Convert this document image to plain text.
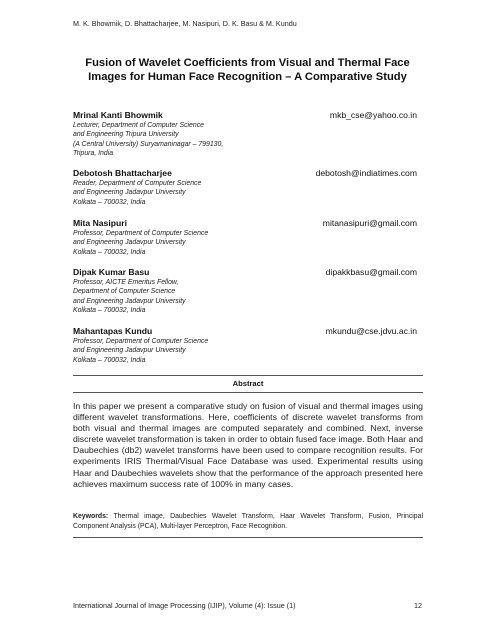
M. K. Bhowmik, D. Bhattacharjee, M. Nasipuri, D. K. Basu & M. Kundu
Fusion of Wavelet Coefficients from Visual and Thermal Face
Images for Human Face Recognition – A Comparative Study
Mrinal Kanti Bhowmik	mkb_cse@yahoo.co.in
Lecturer, Department of Computer Science
and Engineering Tripura University
(A Central University) Suryamaninagar – 799130,
Tripura, India
Debotosh Bhattacharjee	debotosh@indiatimes.com
Reader, Department of Computer Science
and Engineering Jadavpur University
Kolkata – 700032, India
Mita Nasipuri	mitanasipuri@gmail.com
Professor, Department of Computer Science
and Engineering Jadavpur University
Kolkata – 700032, India
Dipak Kumar Basu	dipakkbasu@gmail.com
Professor, AICTE Emeritus Fellow,
Department of Computer Science
and Engineering Jadavpur University
Kolkata – 700032, India
Mahantapas Kundu	mkundu@cse.jdvu.ac.in
Professor, Department of Computer Science
and Engineering Jadavpur University
Kolkata – 700032, India
Abstract
In this paper we present a comparative study on fusion of visual and thermal images using different wavelet transformations. Here, coefficients of discrete wavelet transforms from both visual and thermal images are computed separately and combined. Next, inverse discrete wavelet transformation is taken in order to obtain fused face image. Both Haar and Daubechies (db2) wavelet transforms have been used to compare recognition results. For experiments IRIS Thermal/Visual Face Database was used. Experimental results using Haar and Daubechies wavelets show that the performance of the approach presented here achieves maximum success rate of 100% in many cases.
Keywords: Thermal image, Daubechies Wavelet Transform, Haar Wavelet Transform, Fusion, Principal Component Analysis (PCA), Multi-layer Perceptron, Face Recognition.
International Journal of Image Processing (IJIP), Volume (4): Issue (1)	12
